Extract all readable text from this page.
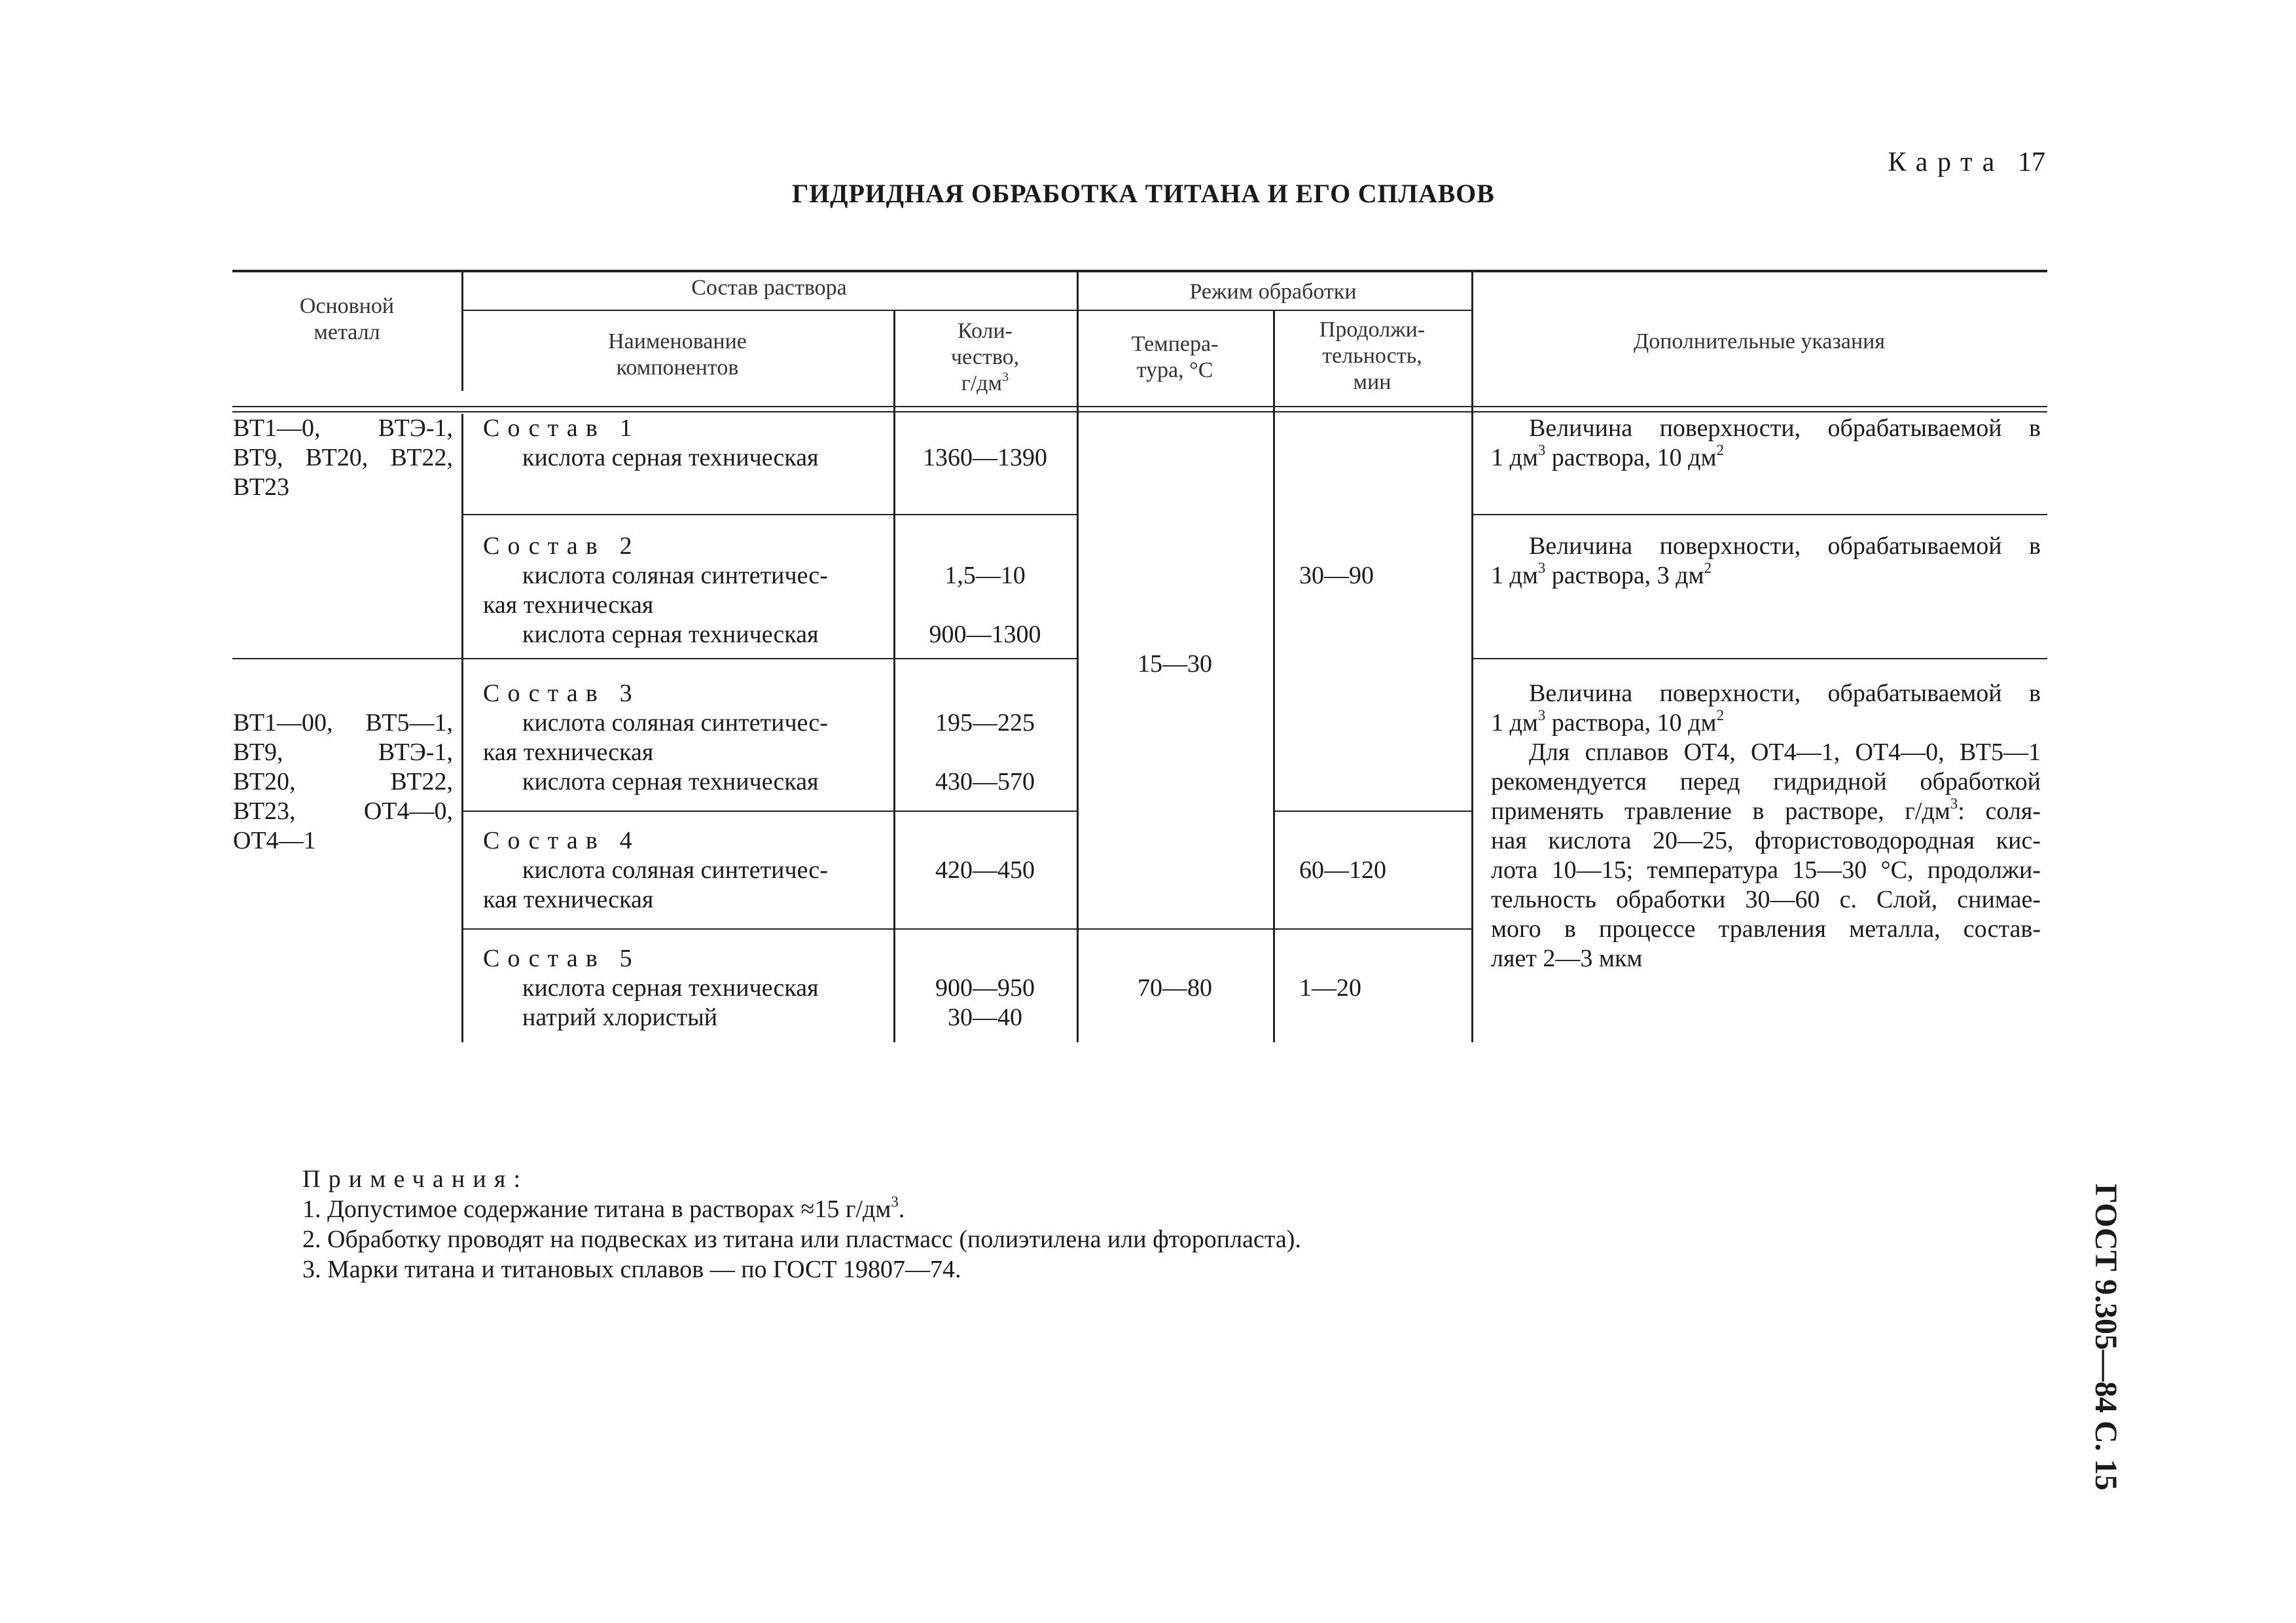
Карта 17
ГИДРИДНАЯ ОБРАБОТКА ТИТАНА И ЕГО СПЛАВОВ
ГОСТ 9.305—84 С. 15
Основной
металл
Состав раствора
Наименование
компонентов
Коли-
чество,
$г/дм^3$
Режим обработки
Темпера-
тура, °C
Продолжи-
тельность,
мин
Дополнительные указания
ВТ1—0, ВТЭ-1,
ВТ9, ВТ20, ВТ22,
ВТ23
ВТ1—00, ВТ5—1,
ВТ9, ВТЭ-1,
ВТ20, ВТ22,
ВТ23, ОТ4—0,
ОТ4—1
Состав 1
кислота серная техническая	1360—1390
Состав 2
кислота соляная синтетичес-
кая техническая
кислота серная техническая
1,5—10
900—1300
Состав 3
кислота соляная синтетичес-
кая техническая
кислота серная техническая
195—225
430—570
Состав 4
кислота соляная синтетичес-
кая техническая
420—450
Состав 5
кислота серная техническая
натрий хлористый
900—950
30—40
15—30
70—80
30—90
60—120
1—20
Величина поверхности, обрабатываемой в
1 $дм^3$ раствора, 10 $дм^2$
Величина поверхности, обрабатываемой в
1 $дм^3$ раствора, 3 $дм^2$
Величина поверхности, обрабатываемой в
1 $дм^3$ раствора, 10 $дм^2$
Для сплавов ОТ4, ОТ4—1, ОТ4—0, ВТ5—1
рекомендуется перед гидридной обработкой
применять травление в растворе, $г/дм^3$: соля-
ная кислота 20—25, фтористоводородная кис-
лота 10—15; температура 15—30 °C, продолжи-
тельность обработки 30—60 с. Слой, снимае-
мого в процессе травления металла, состав-
ляет 2—3 мкм
Примечания:
1. Допустимое содержание титана в растворах ≈15 $г/дм^3$.
2. Обработку проводят на подвесках из титана или пластмасс (полиэтилена или фторопласта).
3. Марки титана и титановых сплавов — по ГОСТ 19807—74.
